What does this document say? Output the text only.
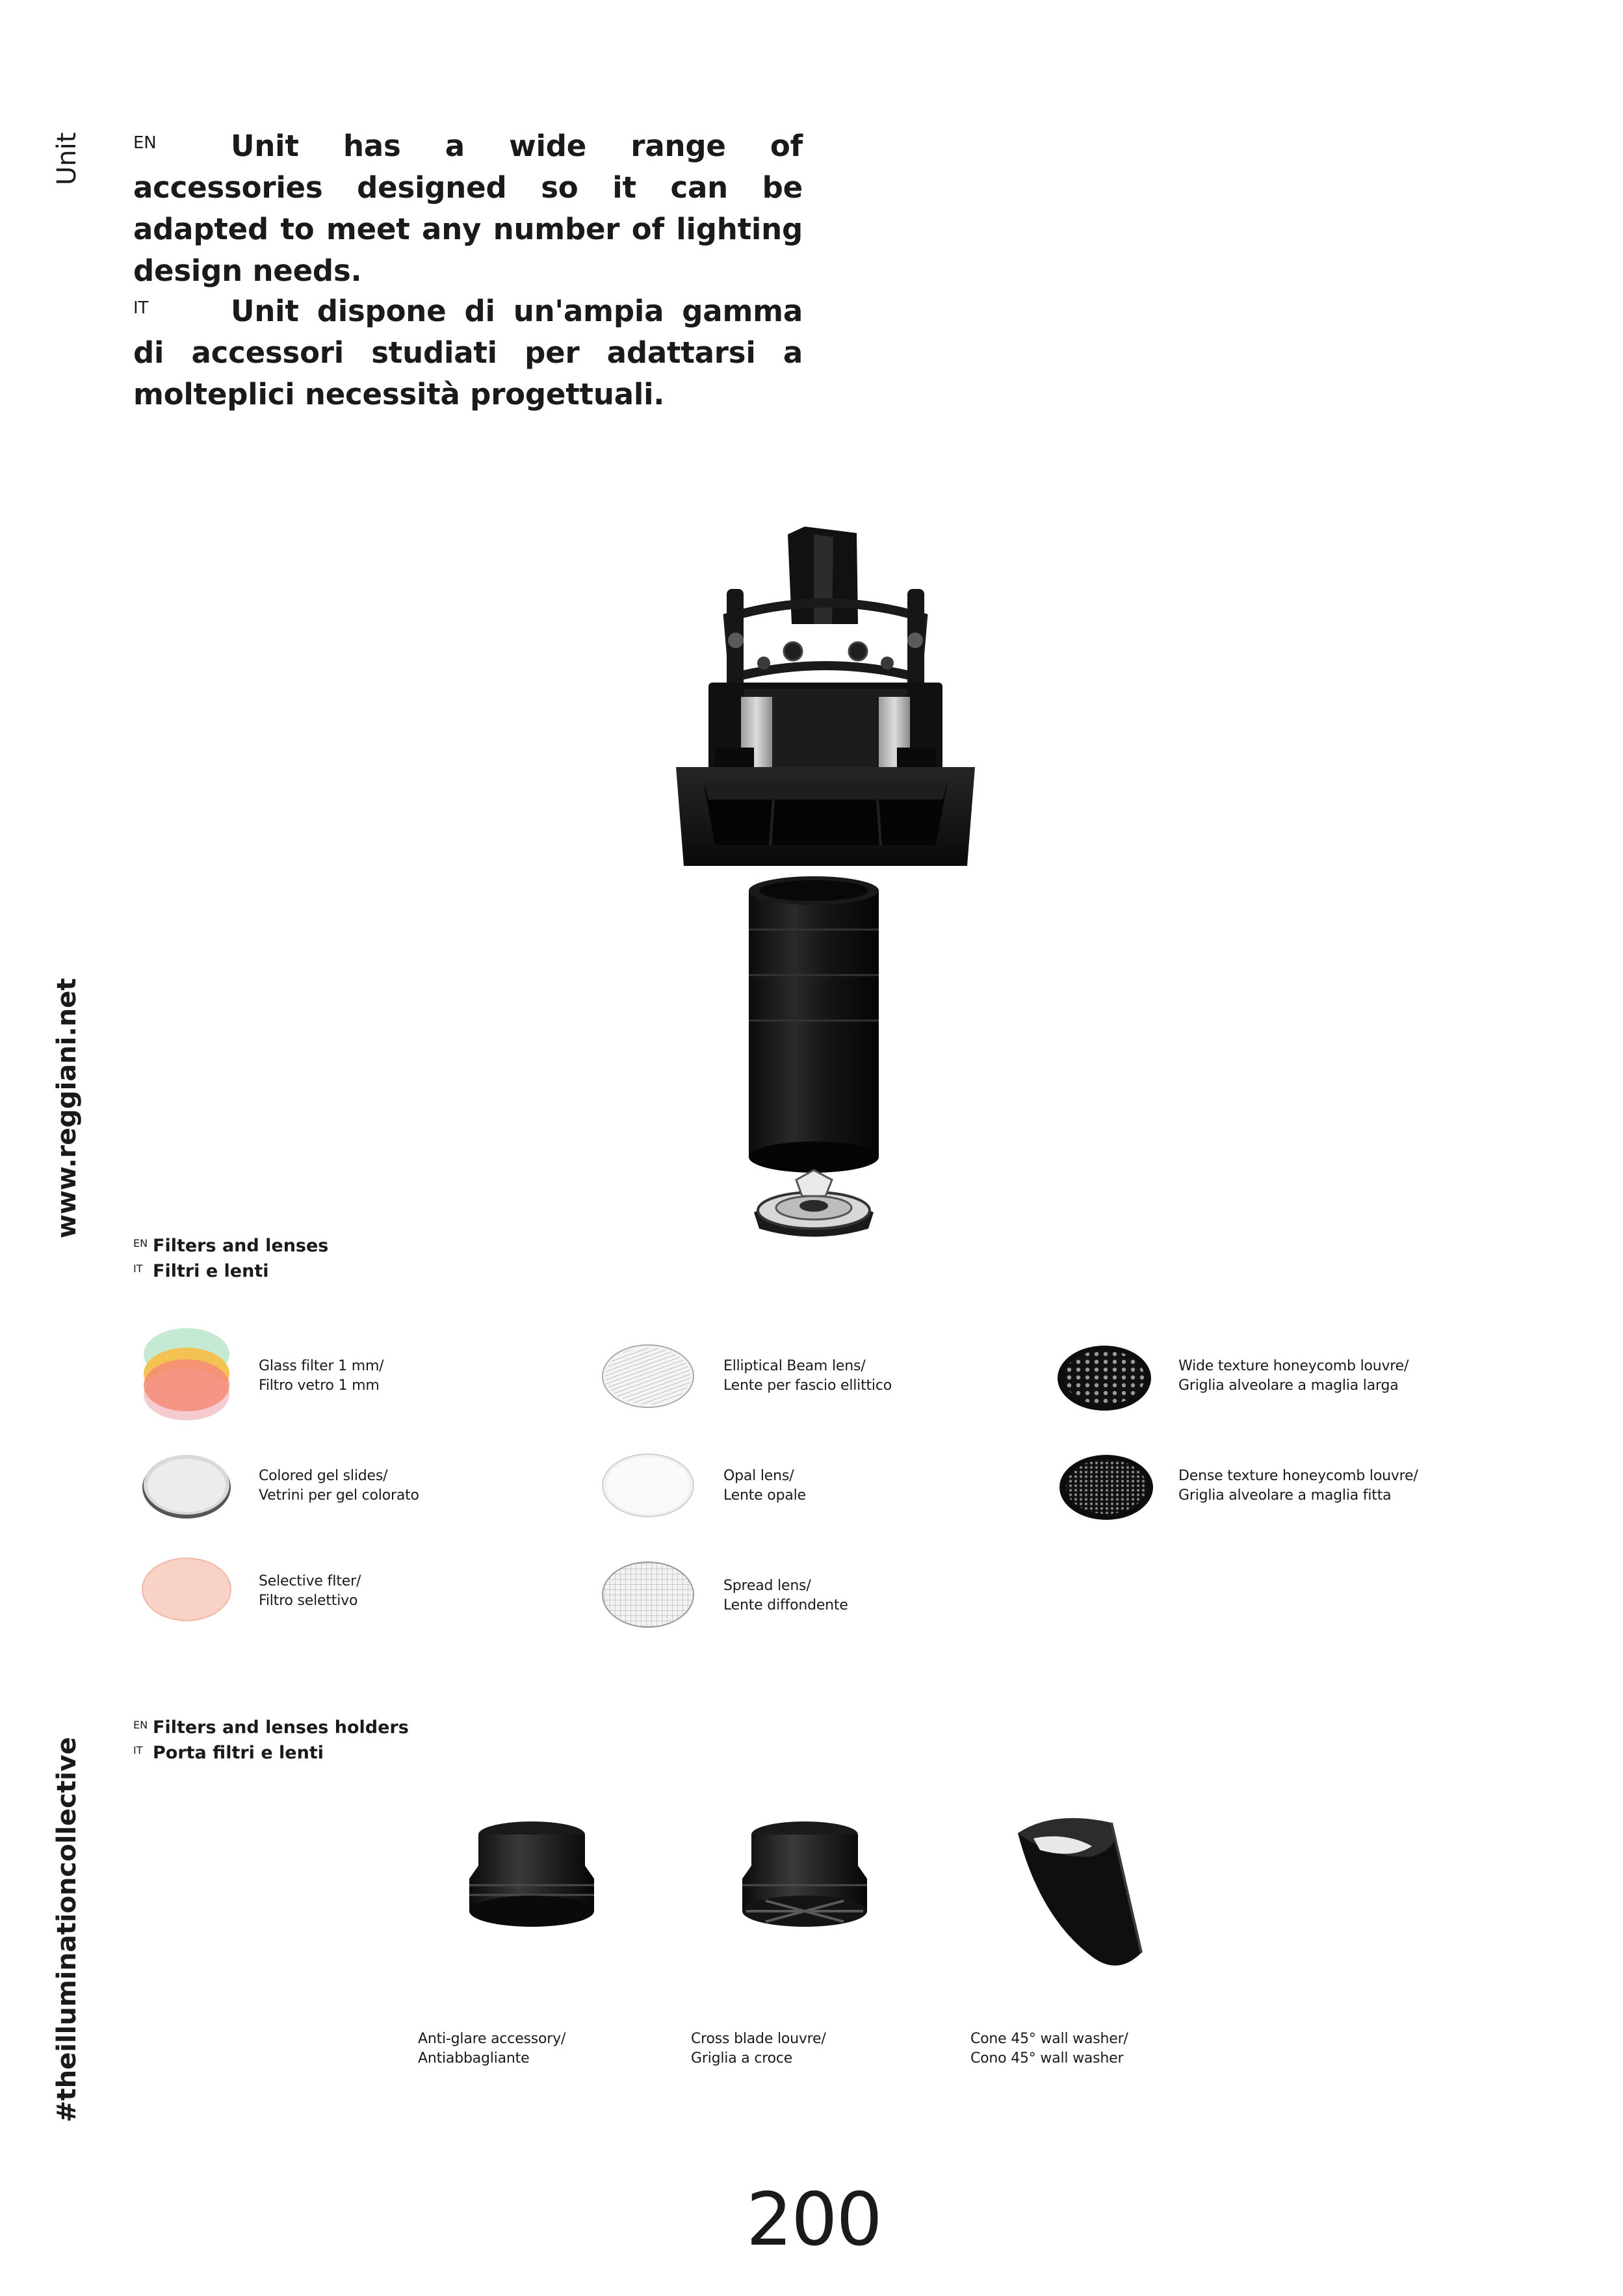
Unit
www.reggiani.net
#theilluminationcollective
EN	Unit has a wide range of accessories designed so it can be adapted to meet any number of lighting design needs.
IT	Unit dispone di un'ampia gamma di accessori studiati per adattarsi a molteplici necessità progettuali.
EN Filters and lenses
IT Filtri e lenti
Glass filter 1 mm/
Filtro vetro 1 mm
Elliptical Beam lens/
Lente per fascio ellittico
Wide texture honeycomb louvre/
Griglia alveolare a maglia larga
Colored gel slides/
Vetrini per gel colorato
Opal lens/
Lente opale
Dense texture honeycomb louvre/
Griglia alveolare a maglia fitta
Selective fIter/
Filtro selettivo
Spread lens/
Lente diffondente
EN Filters and lenses holders
IT Porta filtri e lenti
Anti-glare accessory/
Antiabbagliante
Cross blade louvre/
Griglia a croce
Cone 45° wall washer/
Cono 45° wall washer
200
